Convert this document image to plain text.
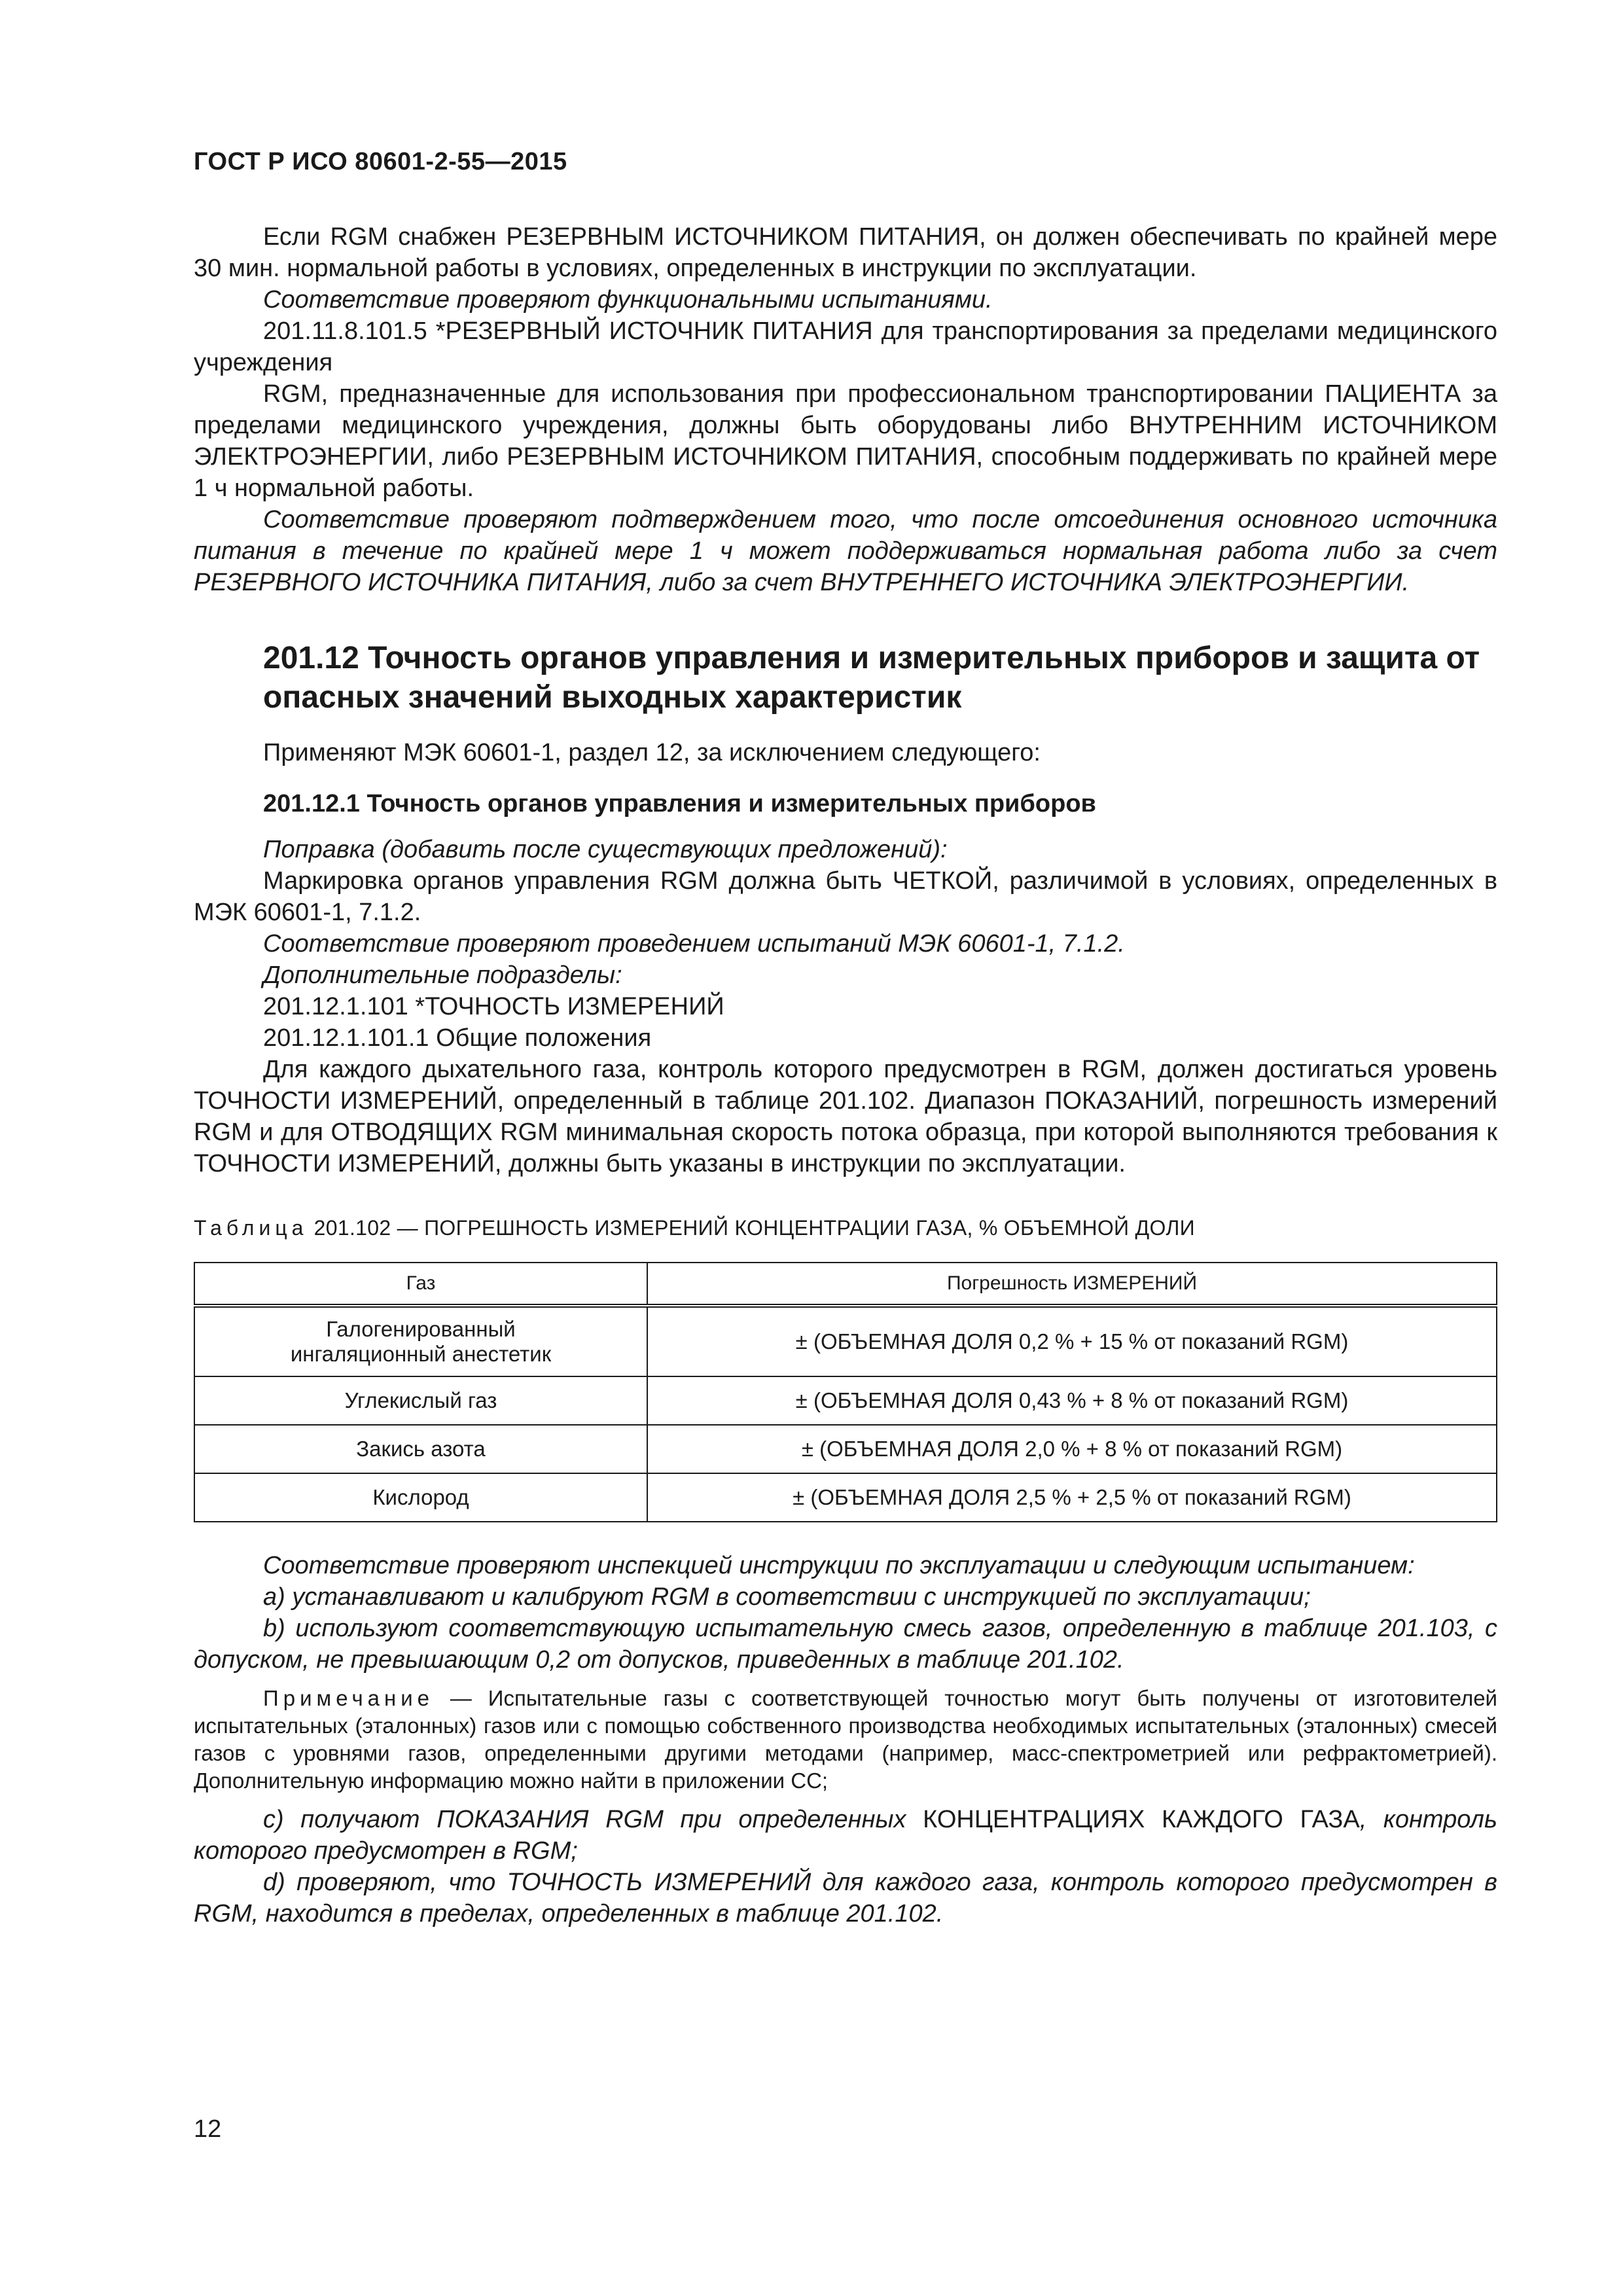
ГОСТ Р ИСО 80601-2-55—2015

Если RGM снабжен РЕЗЕРВНЫМ ИСТОЧНИКОМ ПИТАНИЯ, он должен обеспечивать по крайней мере 30 мин. нормальной работы в условиях, определенных в инструкции по эксплуатации.

Соответствие проверяют функциональными испытаниями.

201.11.8.101.5 *РЕЗЕРВНЫЙ ИСТОЧНИК ПИТАНИЯ для транспортирования за пределами медицинского учреждения

RGM, предназначенные для использования при профессиональном транспортировании ПАЦИЕНТА за пределами медицинского учреждения, должны быть оборудованы либо ВНУТРЕННИМ ИСТОЧНИКОМ ЭЛЕКТРОЭНЕРГИИ, либо РЕЗЕРВНЫМ ИСТОЧНИКОМ ПИТАНИЯ, способным поддерживать по крайней мере 1 ч нормальной работы.

Соответствие проверяют подтверждением того, что после отсоединения основного источника питания в течение по крайней мере 1 ч может поддерживаться нормальная работа либо за счет РЕЗЕРВНОГО ИСТОЧНИКА ПИТАНИЯ, либо за счет ВНУТРЕННЕГО ИСТОЧНИКА ЭЛЕКТРОЭНЕРГИИ.

201.12 Точность органов управления и измерительных приборов и защита от опасных значений выходных характеристик

Применяют МЭК 60601-1, раздел 12, за исключением следующего:

201.12.1 Точность органов управления и измерительных приборов

Поправка (добавить после существующих предложений):

Маркировка органов управления RGM должна быть ЧЕТКОЙ, различимой в условиях, определенных в МЭК 60601-1, 7.1.2.

Соответствие проверяют проведением испытаний МЭК 60601-1, 7.1.2.

Дополнительные подразделы:

201.12.1.101 *ТОЧНОСТЬ ИЗМЕРЕНИЙ

201.12.1.101.1 Общие положения

Для каждого дыхательного газа, контроль которого предусмотрен в RGM, должен достигаться уровень ТОЧНОСТИ ИЗМЕРЕНИЙ, определенный в таблице 201.102. Диапазон ПОКАЗАНИЙ, погрешность измерений RGM и для ОТВОДЯЩИХ RGM минимальная скорость потока образца, при которой выполняются требования к ТОЧНОСТИ ИЗМЕРЕНИЙ, должны быть указаны в инструкции по эксплуатации.

Таблица 201.102 — ПОГРЕШНОСТЬ ИЗМЕРЕНИЙ КОНЦЕНТРАЦИИ ГАЗА, % ОБЪЕМНОЙ ДОЛИ
Газ	Погрешность ИЗМЕРЕНИЙ
Галогенированный ингаляционный анестетик	± (ОБЪЕМНАЯ ДОЛЯ 0,2 % + 15 % от показаний RGM)
Углекислый газ	± (ОБЪЕМНАЯ ДОЛЯ 0,43 % + 8 % от показаний RGM)
Закись азота	± (ОБЪЕМНАЯ ДОЛЯ 2,0 % + 8 % от показаний RGM)
Кислород	± (ОБЪЕМНАЯ ДОЛЯ 2,5 % + 2,5 % от показаний RGM)

Соответствие проверяют инспекцией инструкции по эксплуатации и следующим испытанием:

a) устанавливают и калибруют RGM в соответствии с инструкцией по эксплуатации;

b) используют соответствующую испытательную смесь газов, определенную в таблице 201.103, с допуском, не превышающим 0,2 от допусков, приведенных в таблице 201.102.

Примечание — Испытательные газы с соответствующей точностью могут быть получены от изготовителей испытательных (эталонных) газов или с помощью собственного производства необходимых испытательных (эталонных) смесей газов с уровнями газов, определенными другими методами (например, масс-спектрометрией или рефрактометрией). Дополнительную информацию можно найти в приложении СС;

c) получают ПОКАЗАНИЯ RGM при определенных КОНЦЕНТРАЦИЯХ КАЖДОГО ГАЗА, контроль которого предусмотрен в RGM;

d) проверяют, что ТОЧНОСТЬ ИЗМЕРЕНИЙ для каждого газа, контроль которого предусмотрен в RGM, находится в пределах, определенных в таблице 201.102.

12
